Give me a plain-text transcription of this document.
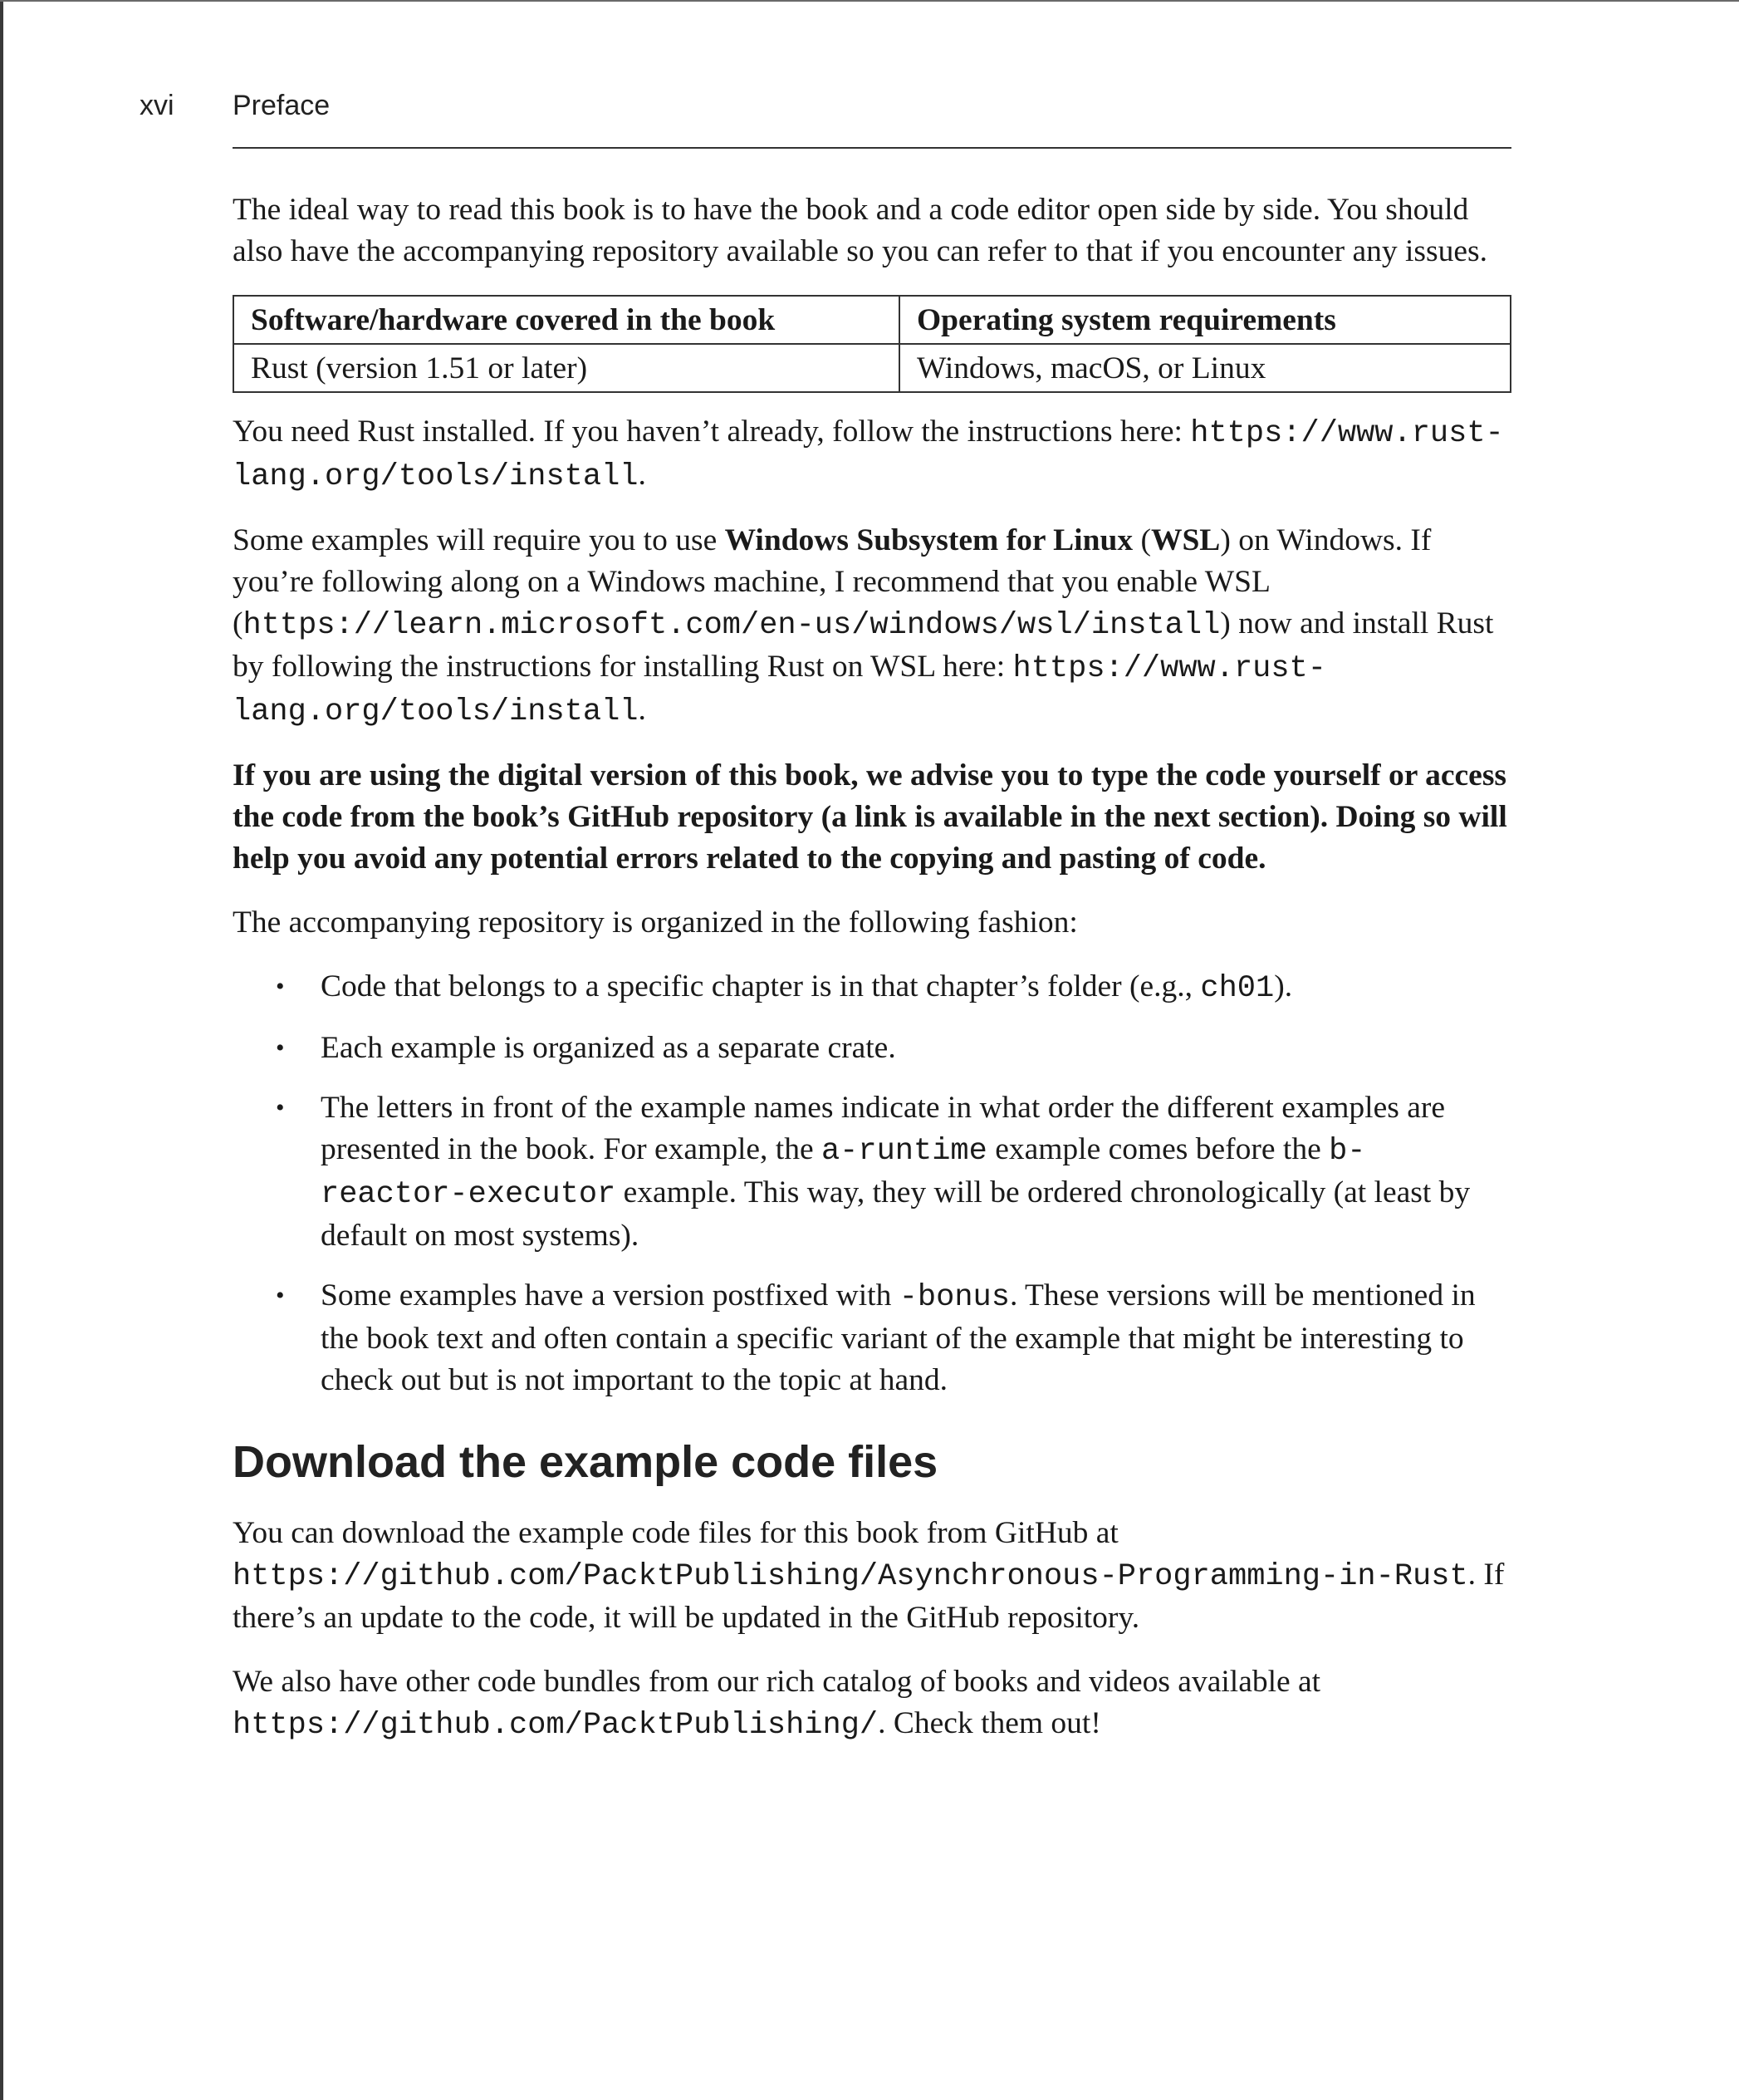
xvi Preface

The ideal way to read this book is to have the book and a code editor open side by side. You should also have the accompanying repository available so you can refer to that if you encounter any issues.

Software/hardware covered in the book	Operating system requirements
Rust (version 1.51 or later)	Windows, macOS, or Linux

You need Rust installed. If you haven’t already, follow the instructions here: https://www.rust-lang.org/tools/install.

Some examples will require you to use Windows Subsystem for Linux (WSL) on Windows. If you’re following along on a Windows machine, I recommend that you enable WSL (https://learn.microsoft.com/en-us/windows/wsl/install) now and install Rust by following the instructions for installing Rust on WSL here: https://www.rust-lang.org/tools/install.

If you are using the digital version of this book, we advise you to type the code yourself or access the code from the book’s GitHub repository (a link is available in the next section). Doing so will help you avoid any potential errors related to the copying and pasting of code.

The accompanying repository is organized in the following fashion:

• Code that belongs to a specific chapter is in that chapter’s folder (e.g., ch01).
• Each example is organized as a separate crate.
• The letters in front of the example names indicate in what order the different examples are presented in the book. For example, the a-runtime example comes before the b-reactor-executor example. This way, they will be ordered chronologically (at least by default on most systems).
• Some examples have a version postfixed with -bonus. These versions will be mentioned in the book text and often contain a specific variant of the example that might be interesting to check out but is not important to the topic at hand.
Download the example code files

You can download the example code files for this book from GitHub at https://github.com/PacktPublishing/Asynchronous-Programming-in-Rust. If there’s an update to the code, it will be updated in the GitHub repository.

We also have other code bundles from our rich catalog of books and videos available at https://github.com/PacktPublishing/. Check them out!
